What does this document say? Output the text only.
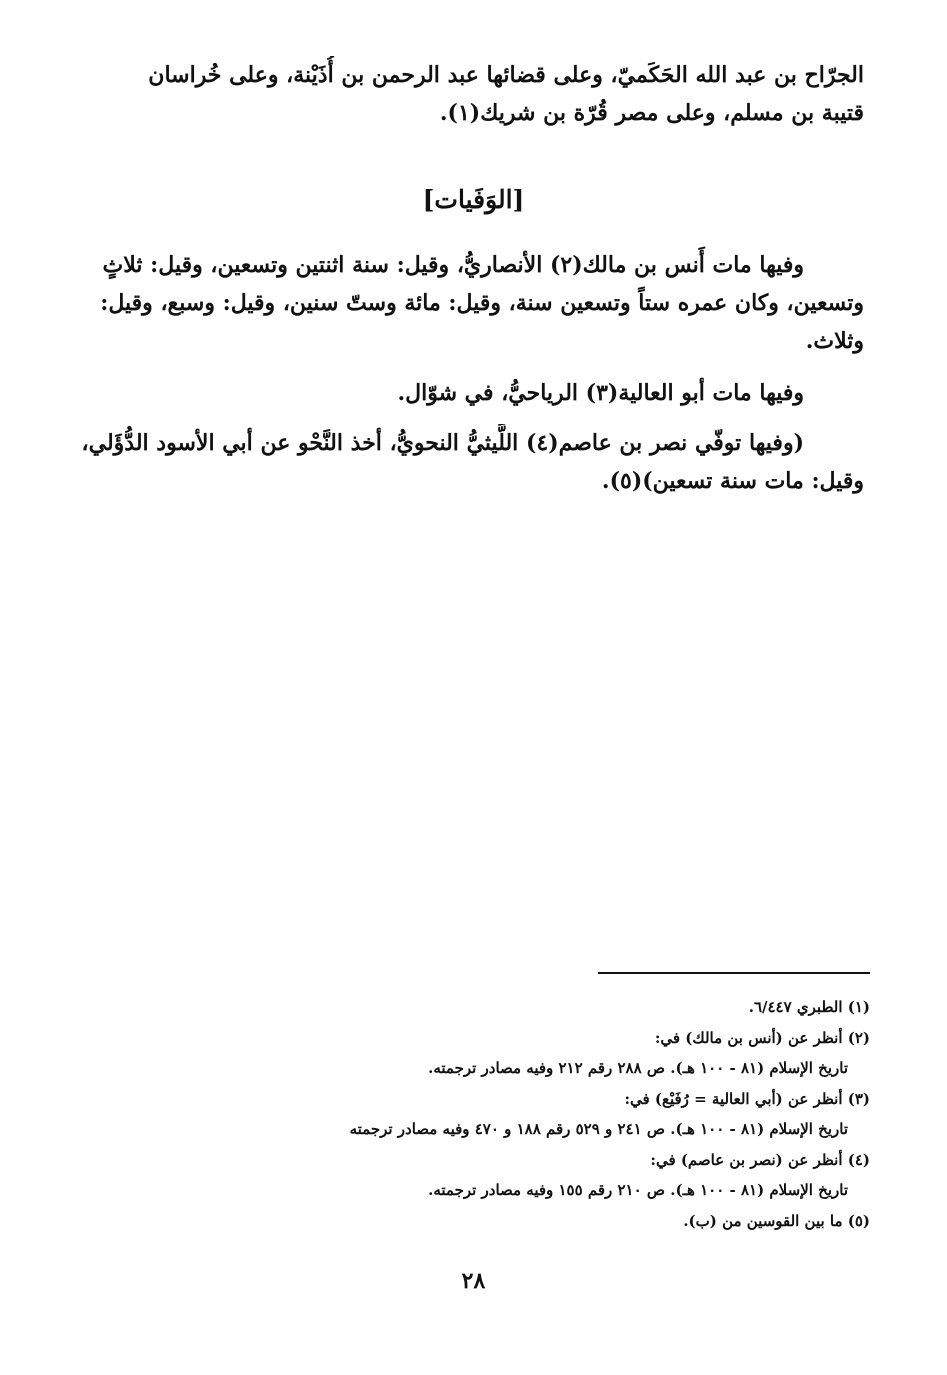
الجرّاح بن عبد الله الحَكَميّ، وعلى قضائها عبد الرحمن بن أُذَيْنة، وعلى خُراسان
قتيبة بن مسلم، وعلى مصر قُرّة بن شريك(١).
[الوَفَيات]
وفيها مات أَنس بن مالك(٢) الأنصاريُّ، وقيل: سنة اثنتين وتسعين، وقيل: ثلاثٍ
وتسعين، وكان عمره ستاً وتسعين سنة، وقيل: مائة وستّ سنين، وقيل: وسبع، وقيل:
وثلاث.
وفيها مات أبو العالية(٣) الرياحيُّ، في شوّال.
(وفيها توفّي نصر بن عاصم(٤) اللَّيثيُّ النحويُّ، أخذ النَّحْو عن أبي الأسود الدُّؤَلي،
وقيل: مات سنة تسعين)(٥).
(١) الطبري ٦/٤٤٧.
(٢) أنظر عن (أنس بن مالك) في:
تاريخ الإسلام (٨١ - ١٠٠ هـ). ص ٢٨٨ رقم ٢١٢ وفيه مصادر ترجمته.
(٣) أنظر عن (أبي العالية = رُفَيْع) في:
تاريخ الإسلام (٨١ - ١٠٠ هـ). ص ٢٤١ و ٥٢٩ رقم ١٨٨ و ٤٧٠ وفيه مصادر ترجمته
(٤) أنظر عن (نصر بن عاصم) في:
تاريخ الإسلام (٨١ - ١٠٠ هـ). ص ٢١٠ رقم ١٥٥ وفيه مصادر ترجمته.
(٥) ما بين القوسين من (ب).
٢٨
